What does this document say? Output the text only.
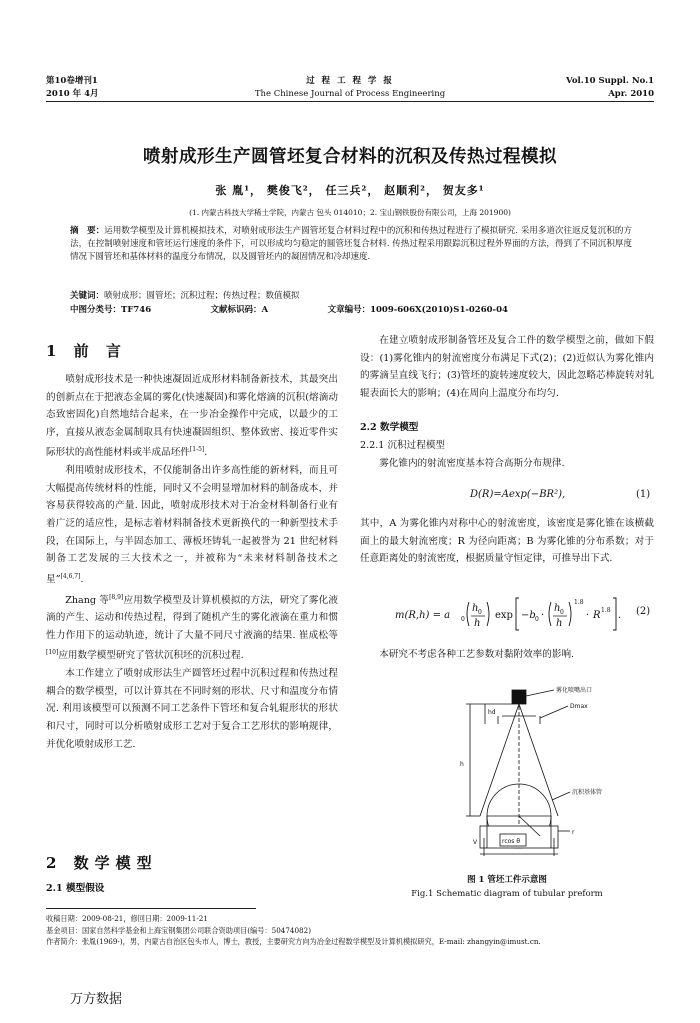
第10卷增刊1
2010 年 4月
过 程 工 程 学 报
The Chinese Journal of Process Engineering
Vol.10 Suppl. No.1
Apr. 2010
喷射成形生产圆管坯复合材料的沉积及传热过程模拟
张 胤¹， 樊俊飞²， 任三兵²， 赵顺利²， 贺友多¹
(1. 内蒙古科技大学稀土学院，内蒙古 包头 014010；2. 宝山钢铁股份有限公司，上海 201900)
摘　要：运用数学模型及计算机模拟技术，对喷射成形法生产圆管坯复合材料过程中的沉积和传热过程进行了模拟研究. 采用多道次往返反复沉积的方法，在控制喷射速度和管坯运行速度的条件下，可以形成均匀稳定的圆管坯复合材料. 传热过程采用跟踪沉积过程外界面的方法，得到了不同沉积厚度情况下圆管坯和基体材料的温度分布情况，以及圆管坯内的凝固情况和冷却速度.
关键词：喷射成形；圆管坯；沉积过程；传热过程；数值模拟
中图分类号：TF746	文献标识码：A	文章编号：1009-606X(2010)S1-0260-04
1 前 言

喷射成形技术是一种快速凝固近成形材料制备新技术，其最突出的创新点在于把液态金属的雾化(快速凝固)和雾化熔滴的沉积(熔滴动态致密固化)自然地结合起来，在一步冶金操作中完成，以最少的工序，直接从液态金属制取具有快速凝固组织、整体致密、接近零件实际形状的高性能材料或半成品坯件[1-5].

利用喷射成形技术，不仅能制备出许多高性能的新材料，而且可大幅提高传统材料的性能，同时又不会明显增加材料的制备成本，并容易获得较高的产量. 因此，喷射成形技术对于冶金材料制备行业有着广泛的适应性，是标志着材料制备技术更新换代的一种新型技术手段，在国际上，与半固态加工、薄板坯铸轧一起被誉为 21 世纪材料制备工艺发展的三大技术之一，并被称为“未来材料制备技术之星”[4,6,7].

Zhang 等[8,9]应用数学模型及计算机模拟的方法，研究了雾化液滴的产生、运动和传热过程，得到了随机产生的雾化液滴在重力和惯性力作用下的运动轨迹，统计了大量不同尺寸液滴的结果. 崔成松等[10]应用数学模型研究了管状沉积坯的沉积过程.

本工作建立了喷射成形法生产圆管坯过程中沉积过程和传热过程耦合的数学模型，可以计算其在不同时刻的形状、尺寸和温度分布情况. 利用该模型可以预测不同工艺条件下管坯和复合轧辊形状的形状和尺寸，同时可以分析喷射成形工艺对于复合工艺形状的影响规律，并优化喷射成形工艺.

2 数学模型
2.1 模型假设

在建立喷射成形制备管坯及复合工件的数学模型之前，做如下假设：(1)雾化锥内的射流密度分布满足下式(2)；(2)近似认为雾化锥内的雾滴呈直线飞行；(3)管坯的旋转速度较大，因此忽略芯棒旋转对轧辊表面长大的影响；(4)在周向上温度分布均匀.

2.2 数学模型
2.2.1 沉积过程模型

雾化锥内的射流密度基本符合高斯分布规律.

D(R)=Aexp(−BR²),	(1)

其中，A 为雾化锥内对称中心的射流密度，该密度是雾化锥在该横截面上的最大射流密度；R 为径向距离；B 为雾化锥的分布系数；对于任意距离处的射流密度，根据质量守恒定律，可推导出下式.

m(R,h) = a 0
h 0
h
exp −b 0 ·
h 0
h
1.8
· R 1.8 . (2)

本研究不考虑各种工艺参数对黏附效率的影响.

雾化喷嘴出口
hd
Dmax
h
沉积基体管
V	rcos θ
r
图 1 管坯工件示意图
Fig.1 Schematic diagram of tubular preform
收稿日期：2009-08-21，修回日期：2009-11-21
基金项目：国家自然科学基金和上海宝钢集团公司联合资助项目(编号：50474082)
作者简介：张胤(1969-)，男，内蒙古自治区包头市人，博士，教授，主要研究方向为冶金过程数学模型及计算机模拟研究，E-mail: zhangyin@imust.cn.
万方数据
